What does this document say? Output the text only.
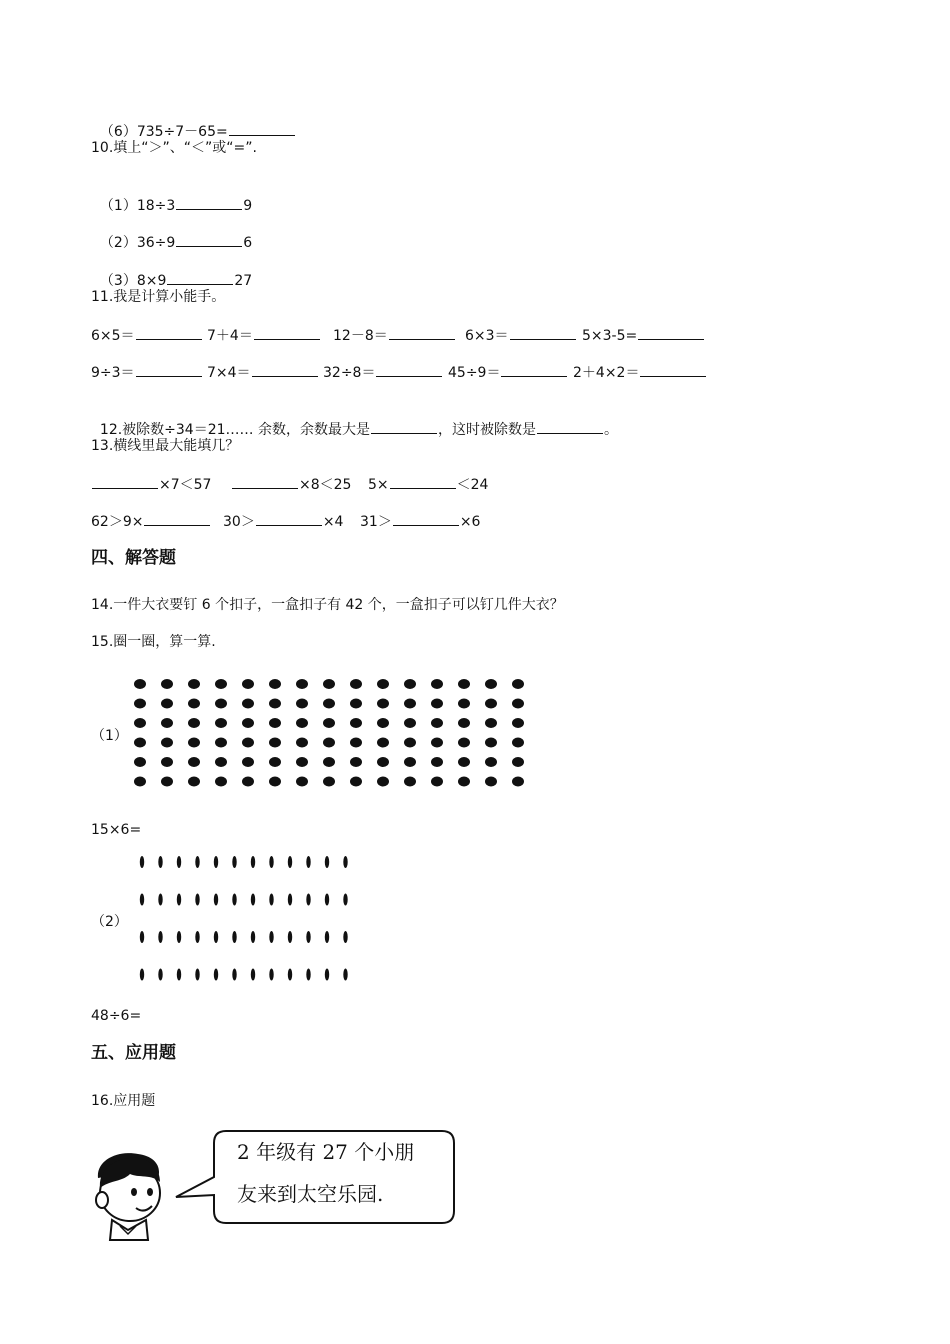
（6）735÷7－65=

10.填上“＞”、“＜”或“=”.

（1）18÷3	9

（2）36÷9	6

（3）8×9	27

11.我是计算小能手。
6×5＝	7＋4＝	12－8＝	6×3＝	5×3-5=
9÷3＝	7×4＝	32÷8＝	45÷9＝	2＋4×2＝

12.被除数÷34＝21…… 余数，余数最大是	，这时被除数是	。

13.横线里最大能填几？
×7＜57	×8＜25 5×	＜24
62＞9×	30＞	×4 31＞	×6
四、解答题
14.一件大衣要钉 6 个扣子，一盒扣子有 42 个，一盒扣子可以钉几件大衣？
15.圈一圈，算一算.
（1）
15×6=
（2）
48÷6=
五、应用题
16.应用题
2 年级有 27 个小朋
友来到太空乐园.
